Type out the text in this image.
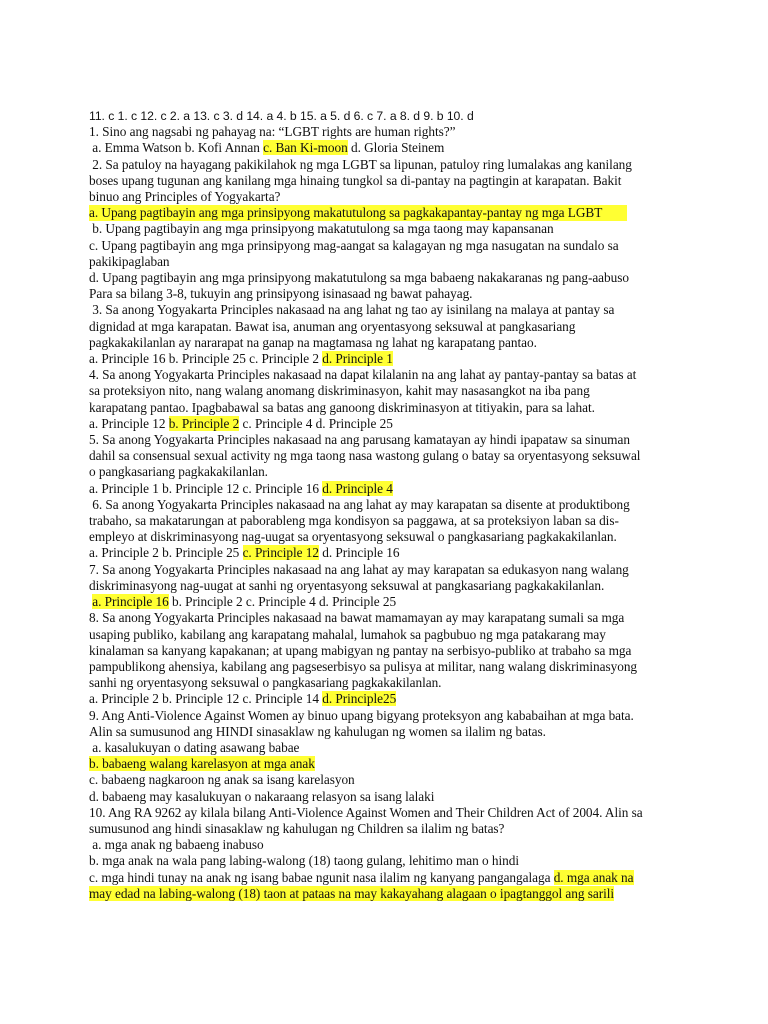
11. c 1. c 12. c 2. a 13. c 3. d 14. a 4. b 15. a 5. d 6. c 7. a 8. d 9. b 10. d
1. Sino ang nagsabi ng pahayag na: “LGBT rights are human rights?”
a. Emma Watson b. Kofi Annan c. Ban Ki-moon d. Gloria Steinem
2. Sa patuloy na hayagang pakikilahok ng mga LGBT sa lipunan, patuloy ring lumalakas ang kanilang
boses upang tugunan ang kanilang mga hinaing tungkol sa di-pantay na pagtingin at karapatan. Bakit
binuo ang Principles of Yogyakarta?
a. Upang pagtibayin ang mga prinsipyong makatutulong sa pagkakapantay-pantay ng mga LGBT
b. Upang pagtibayin ang mga prinsipyong makatutulong sa mga taong may kapansanan
c. Upang pagtibayin ang mga prinsipyong mag-aangat sa kalagayan ng mga nasugatan na sundalo sa
pakikipaglaban
d. Upang pagtibayin ang mga prinsipyong makatutulong sa mga babaeng nakakaranas ng pang-aabuso
Para sa bilang 3-8, tukuyin ang prinsipyong isinasaad ng bawat pahayag.
3. Sa anong Yogyakarta Principles nakasaad na ang lahat ng tao ay isinilang na malaya at pantay sa
dignidad at mga karapatan. Bawat isa, anuman ang oryentasyong seksuwal at pangkasariang
pagkakakilanlan ay nararapat na ganap na magtamasa ng lahat ng karapatang pantao.
a. Principle 16 b. Principle 25 c. Principle 2 d. Principle 1
4. Sa anong Yogyakarta Principles nakasaad na dapat kilalanin na ang lahat ay pantay-pantay sa batas at
sa proteksiyon nito, nang walang anomang diskriminasyon, kahit may nasasangkot na iba pang
karapatang pantao. Ipagbabawal sa batas ang ganoong diskriminasyon at titiyakin, para sa lahat.
a. Principle 12 b. Principle 2 c. Principle 4 d. Principle 25
5. Sa anong Yogyakarta Principles nakasaad na ang parusang kamatayan ay hindi ipapataw sa sinuman
dahil sa consensual sexual activity ng mga taong nasa wastong gulang o batay sa oryentasyong seksuwal
o pangkasariang pagkakakilanlan.
a. Principle 1 b. Principle 12 c. Principle 16 d. Principle 4
6. Sa anong Yogyakarta Principles nakasaad na ang lahat ay may karapatan sa disente at produktibong
trabaho, sa makatarungan at paborableng mga kondisyon sa paggawa, at sa proteksiyon laban sa dis-
empleyo at diskriminasyong nag-uugat sa oryentasyong seksuwal o pangkasariang pagkakakilanlan.
a. Principle 2 b. Principle 25 c. Principle 12 d. Principle 16
7. Sa anong Yogyakarta Principles nakasaad na ang lahat ay may karapatan sa edukasyon nang walang
diskriminasyong nag-uugat at sanhi ng oryentasyong seksuwal at pangkasariang pagkakakilanlan.
a. Principle 16 b. Principle 2 c. Principle 4 d. Principle 25
8. Sa anong Yogyakarta Principles nakasaad na bawat mamamayan ay may karapatang sumali sa mga
usaping publiko, kabilang ang karapatang mahalal, lumahok sa pagbubuo ng mga patakarang may
kinalaman sa kanyang kapakanan; at upang mabigyan ng pantay na serbisyo-publiko at trabaho sa mga
pampublikong ahensiya, kabilang ang pagseserbisyo sa pulisya at militar, nang walang diskriminasyong
sanhi ng oryentasyong seksuwal o pangkasariang pagkakakilanlan.
a. Principle 2 b. Principle 12 c. Principle 14 d. Principle25
9. Ang Anti-Violence Against Women ay binuo upang bigyang proteksyon ang kababaihan at mga bata.
Alin sa sumusunod ang HINDI sinasaklaw ng kahulugan ng women sa ilalim ng batas.
a. kasalukuyan o dating asawang babae
b. babaeng walang karelasyon at mga anak
c. babaeng nagkaroon ng anak sa isang karelasyon
d. babaeng may kasalukuyan o nakaraang relasyon sa isang lalaki
10. Ang RA 9262 ay kilala bilang Anti-Violence Against Women and Their Children Act of 2004. Alin sa
sumusunod ang hindi sinasaklaw ng kahulugan ng Children sa ilalim ng batas?
a. mga anak ng babaeng inabuso
b. mga anak na wala pang labing-walong (18) taong gulang, lehitimo man o hindi
c. mga hindi tunay na anak ng isang babae ngunit nasa ilalim ng kanyang pangangalaga d. mga anak na
may edad na labing-walong (18) taon at pataas na may kakayahang alagaan o ipagtanggol ang sarili
